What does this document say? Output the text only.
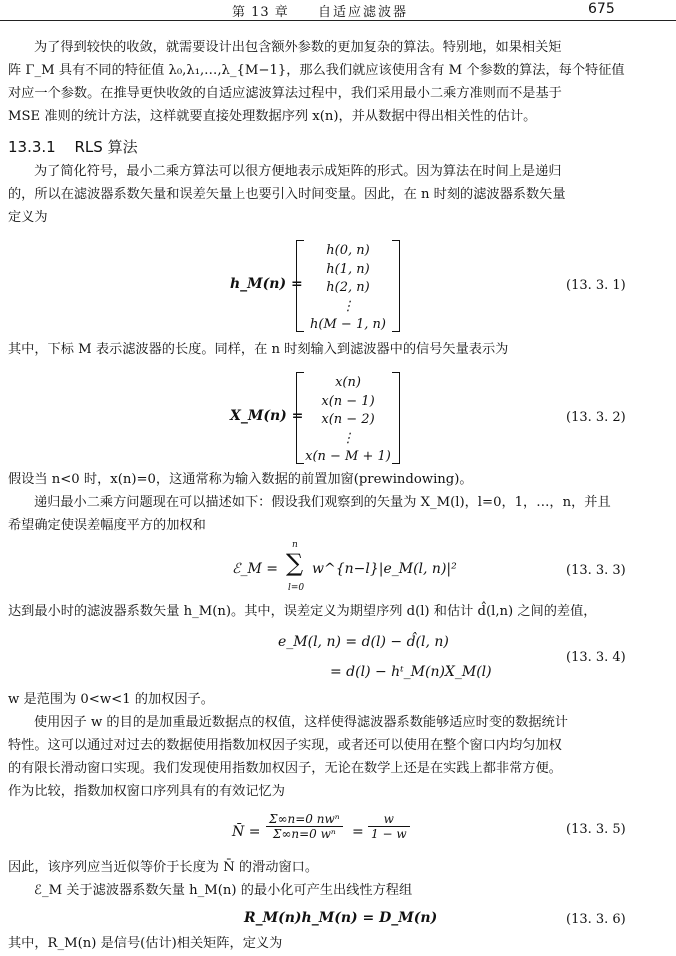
第 13 章 自适应滤波器	675
为了得到较快的收敛，就需要设计出包含额外参数的更加复杂的算法。特别地，如果相关矩
阵 Γ_M 具有不同的特征值 λ₀,λ₁,…,λ_{M−1}，那么我们就应该使用含有 M 个参数的算法，每个特征值
对应一个参数。在推导更快收敛的自适应滤波算法过程中，我们采用最小二乘方准则而不是基于
MSE 准则的统计方法，这样就要直接处理数据序列 x(n)，并从数据中得出相关性的估计。
13.3.1 RLS 算法
为了简化符号，最小二乘方算法可以很方便地表示成矩阵的形式。因为算法在时间上是递归
的，所以在滤波器系数矢量和误差矢量上也要引入时间变量。因此，在 n 时刻的滤波器系数矢量
定义为
h_M(n) =
h(0, n)
h(1, n)
h(2, n)
⋮
h(M − 1, n)
(13. 3. 1)
其中，下标 M 表示滤波器的长度。同样，在 n 时刻输入到滤波器中的信号矢量表示为
X_M(n) =
x(n)
x(n − 1)
x(n − 2)
⋮
x(n − M + 1)
(13. 3. 2)
假设当 n<0 时，x(n)=0，这通常称为输入数据的前置加窗(prewindowing)。
递归最小二乘方问题现在可以描述如下：假设我们观察到的矢量为 X_M(l)，l=0，1，…，n，并且
希望确定使误差幅度平方的加权和
ℰ_M =
n
∑
l=0
w^{n−l}|e_M(l, n)|²	(13. 3. 3)
达到最小时的滤波器系数矢量 h_M(n)。其中，误差定义为期望序列 d(l) 和估计 d̂(l,n) 之间的差值，
e_M(l, n) = d(l) − d̂(l, n)
= d(l) − hᵗ_M(n)X_M(l)
(13. 3. 4)
w 是范围为 0<w<1 的加权因子。
使用因子 w 的目的是加重最近数据点的权值，这样使得滤波器系数能够适应时变的数据统计
特性。这可以通过对过去的数据使用指数加权因子实现，或者还可以使用在整个窗口内均匀加权
的有限长滑动窗口实现。我们发现使用指数加权因子，无论在数学上还是在实践上都非常方便。
作为比较，指数加权窗口序列具有的有效记忆为
N̄ =
Σ∞n=0 nwⁿ
Σ∞n=0 wⁿ	= $\frac{w}{1 - w}$	(13. 3. 5)
因此，该序列应当近似等价于长度为 N̄ 的滑动窗口。
ℰ_M 关于滤波器系数矢量 h_M(n) 的最小化可产生出线性方程组
R_M(n)h_M(n) = D_M(n)	(13. 3. 6)
其中，R_M(n) 是信号(估计)相关矩阵，定义为
